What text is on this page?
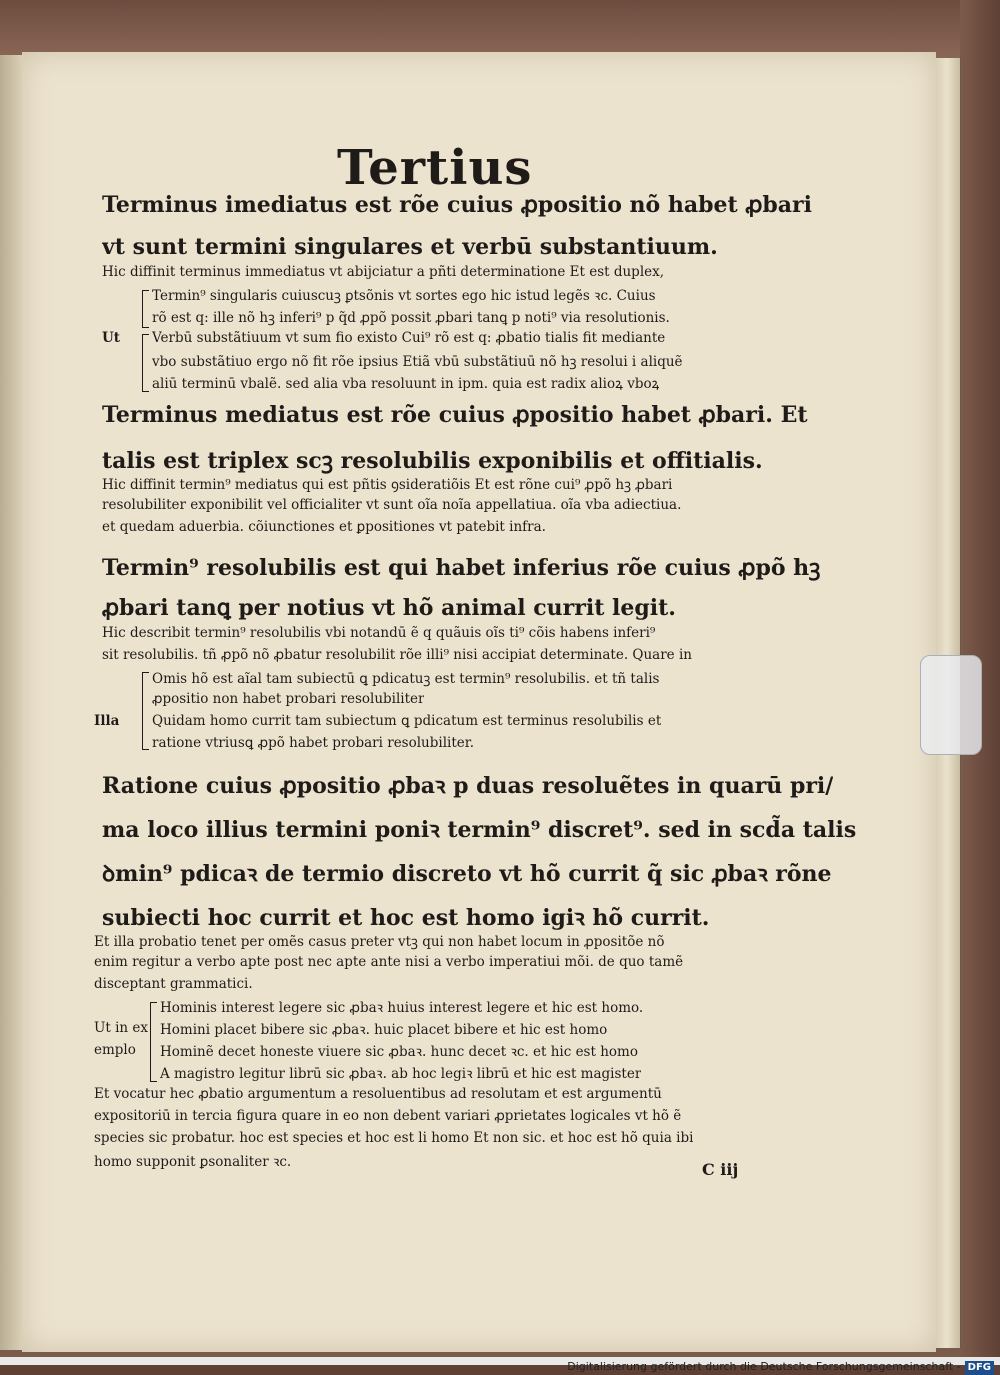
Tertius
Terminus imediatus est rõe cuius ꝓpositio nõ habet ꝓbari
vt sunt termini singulares et verbū substantiuum.
Hic diffinit terminus immediatus vt abijciatur a pñti determinatione Et est duplex,
Termin⁹ singularis cuiuscuꝫ ꝑtsõnis vt sortes ego hic istud legẽs ꝛc. Cuius
rõ est q: ille nõ hꝫ inferi⁹ p q̃d ꝓpõ possit ꝓbari tanꝗ p noti⁹ via resolutionis.
Ut Verbū substãtiuum vt sum fio existo Cui⁹ rõ est q: ꝓbatio tialis fit mediante
vbo substãtiuo ergo nõ fit rõe ipsius Etiã vbū substãtiuū nõ hꝫ resolui i aliquẽ
aliū terminū vbalẽ. sed alia vba resoluunt in ipm. quia est radix alioꝝ vboꝝ
Terminus mediatus est rõe cuius ꝓpositio habet ꝓbari. Et
talis est triplex scꝫ resolubilis exponibilis et offitialis.
Hic diffinit termin⁹ mediatus qui est pñtis ꝯsideratiõis Et est rõne cui⁹ ꝓpõ hꝫ ꝓbari
resolubiliter exponibilit vel officialiter vt sunt oĩa noĩa appellatiua. oĩa vba adiectiua.
et quedam aduerbia. cõiunctiones et ꝑpositiones vt patebit infra.
Termin⁹ resolubilis est qui habet inferius rõe cuius ꝓpõ hꝫ
ꝓbari tanꝗ per notius vt hõ animal currit legit.
Hic describit termin⁹ resolubilis vbi notandū ẽ q quãuis oĩs ti⁹ cõis habens inferi⁹
sit resolubilis. tñ ꝓpõ nõ ꝓbatur resolubilit rõe illi⁹ nisi accipiat determinate. Quare in
Omis hõ est aĩal tam subiectū ꝗ pdicatuꝫ est termin⁹ resolubilis. et tñ talis
ꝓpositio non habet probari resolubiliter
Illa Quidam homo currit tam subiectum ꝗ pdicatum est terminus resolubilis et
ratione vtriusꝗ ꝓpõ habet probari resolubiliter.
Ratione cuius ꝓpositio ꝓbaꝛ p duas resoluẽtes in quarū pri/
ma loco illius termini poniꝛ termin⁹ discret⁹. sed in scd̃a talis
ꝺmin⁹ pdicaꝛ de termio discreto vt hõ currit q̃ sic ꝓbaꝛ rõne
subiecti hoc currit et hoc est homo igiꝛ hõ currit.
Et illa probatio tenet per omẽs casus preter vtꝫ qui non habet locum in ꝓpositõe nõ
enim regitur a verbo apte post nec apte ante nisi a verbo imperatiui mõi. de quo tamẽ
disceptant grammatici.
Hominis interest legere sic ꝓbaꝛ huius interest legere et hic est homo.
Ut in ex Homini placet bibere sic ꝓbaꝛ. huic placet bibere et hic est homo
emplo Hominẽ decet honeste viuere sic ꝓbaꝛ. hunc decet ꝛc. et hic est homo
A magistro legitur librū sic ꝓbaꝛ. ab hoc legiꝛ librū et hic est magister
Et vocatur hec ꝓbatio argumentum a resoluentibus ad resolutam et est argumentū
expositoriū in tercia figura quare in eo non debent variari ꝓprietates logicales vt hõ ẽ
species sic probatur. hoc est species et hoc est li homo Et non sic. et hoc est hõ quia ibi
homo supponit ꝑsonaliter ꝛc.	C iij
Digitalisierung gefördert durch die Deutsche Forschungsgemeinschaft - DFG
